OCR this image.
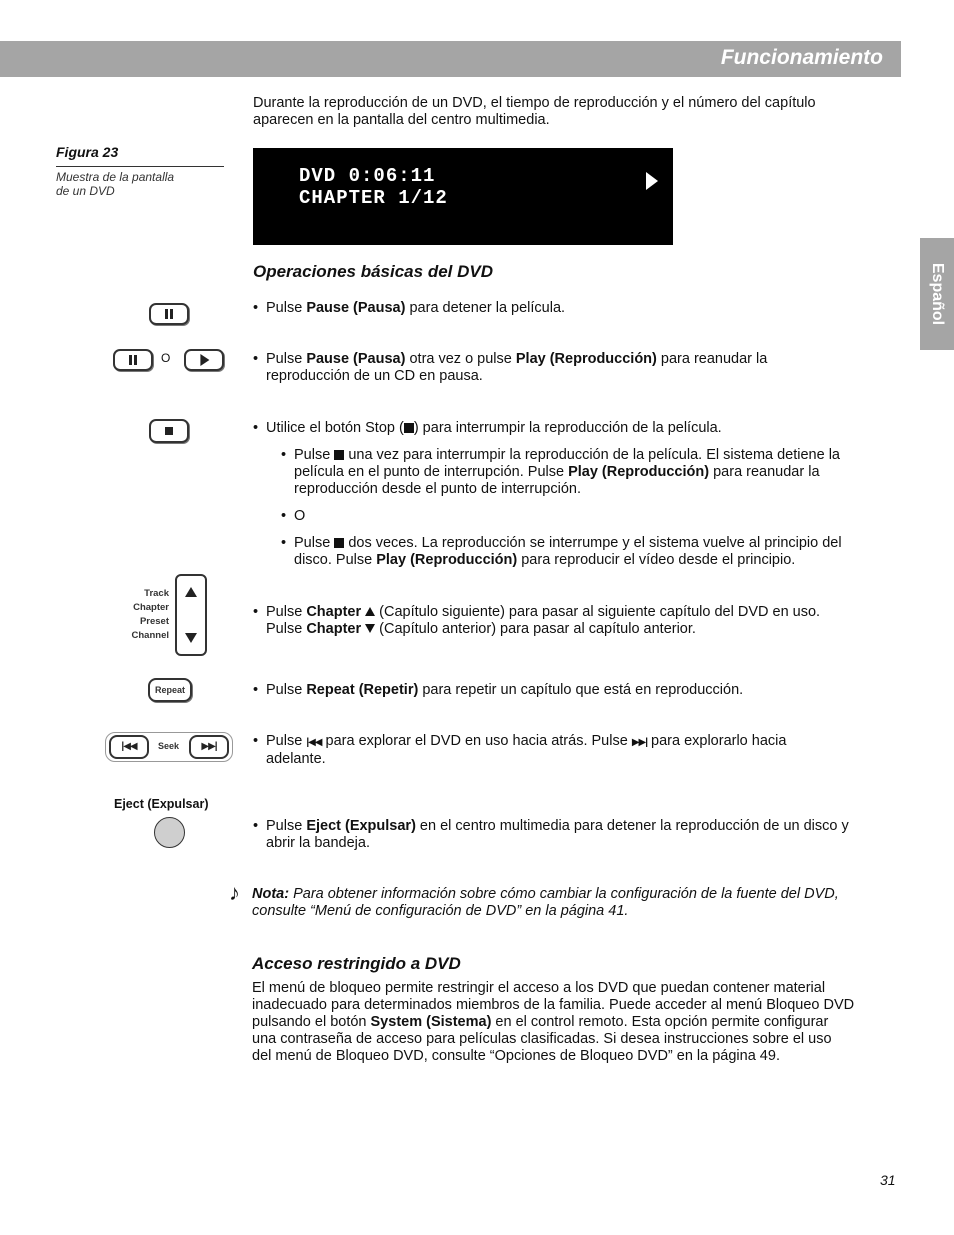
Funcionamiento
Español
Durante la reproducción de un DVD, el tiempo de reproducción y el número del capítulo aparecen en la pantalla del centro multimedia.
Figura 23
Muestra de la pantalla
de un DVD
DVD 0:06:11
CHAPTER 1/12
Operaciones básicas del DVD
• Pulse Pause (Pausa) para detener la película.
O	• Pulse Pause (Pausa) otra vez o pulse Play (Reproducción) para reanudar la
reproducción de un CD en pausa.
• Utilice el botón Stop ( ) para interrumpir la reproducción de la película.
• Pulse  una vez para interrumpir la reproducción de la película. El sistema detiene la
película en el punto de interrupción. Pulse Play (Reproducción) para reanudar la
reproducción desde el punto de interrupción.
• O
• Pulse  dos veces. La reproducción se interrumpe y el sistema vuelve al principio del
disco. Pulse Play (Reproducción) para reproducir el vídeo desde el principio.
Track
Chapter
Preset
Channel
• Pulse Chapter  (Capítulo siguiente) para pasar al siguiente capítulo del DVD en uso.
Pulse Chapter  (Capítulo anterior) para pasar al capítulo anterior.
Repeat	• Pulse Repeat (Repetir) para repetir un capítulo que está en reproducción.
|◀◀	Seek	▶▶|	• Pulse |◀◀ para explorar el DVD en uso hacia atrás. Pulse ▶▶| para explorarlo hacia
adelante.
Eject (Expulsar)
• Pulse Eject (Expulsar) en el centro multimedia para detener la reproducción de un disco y
abrir la bandeja.
♪ Nota: Para obtener información sobre cómo cambiar la configuración de la fuente del DVD,
consulte “Menú de configuración de DVD” en la página 41.
Acceso restringido a DVD
El menú de bloqueo permite restringir el acceso a los DVD que puedan contener material
inadecuado para determinados miembros de la familia. Puede acceder al menú Bloqueo DVD
pulsando el botón System (Sistema) en el control remoto. Esta opción permite configurar
una contraseña de acceso para películas clasificadas. Si desea instrucciones sobre el uso
del menú de Bloqueo DVD, consulte “Opciones de Bloqueo DVD” en la página 49.
31
